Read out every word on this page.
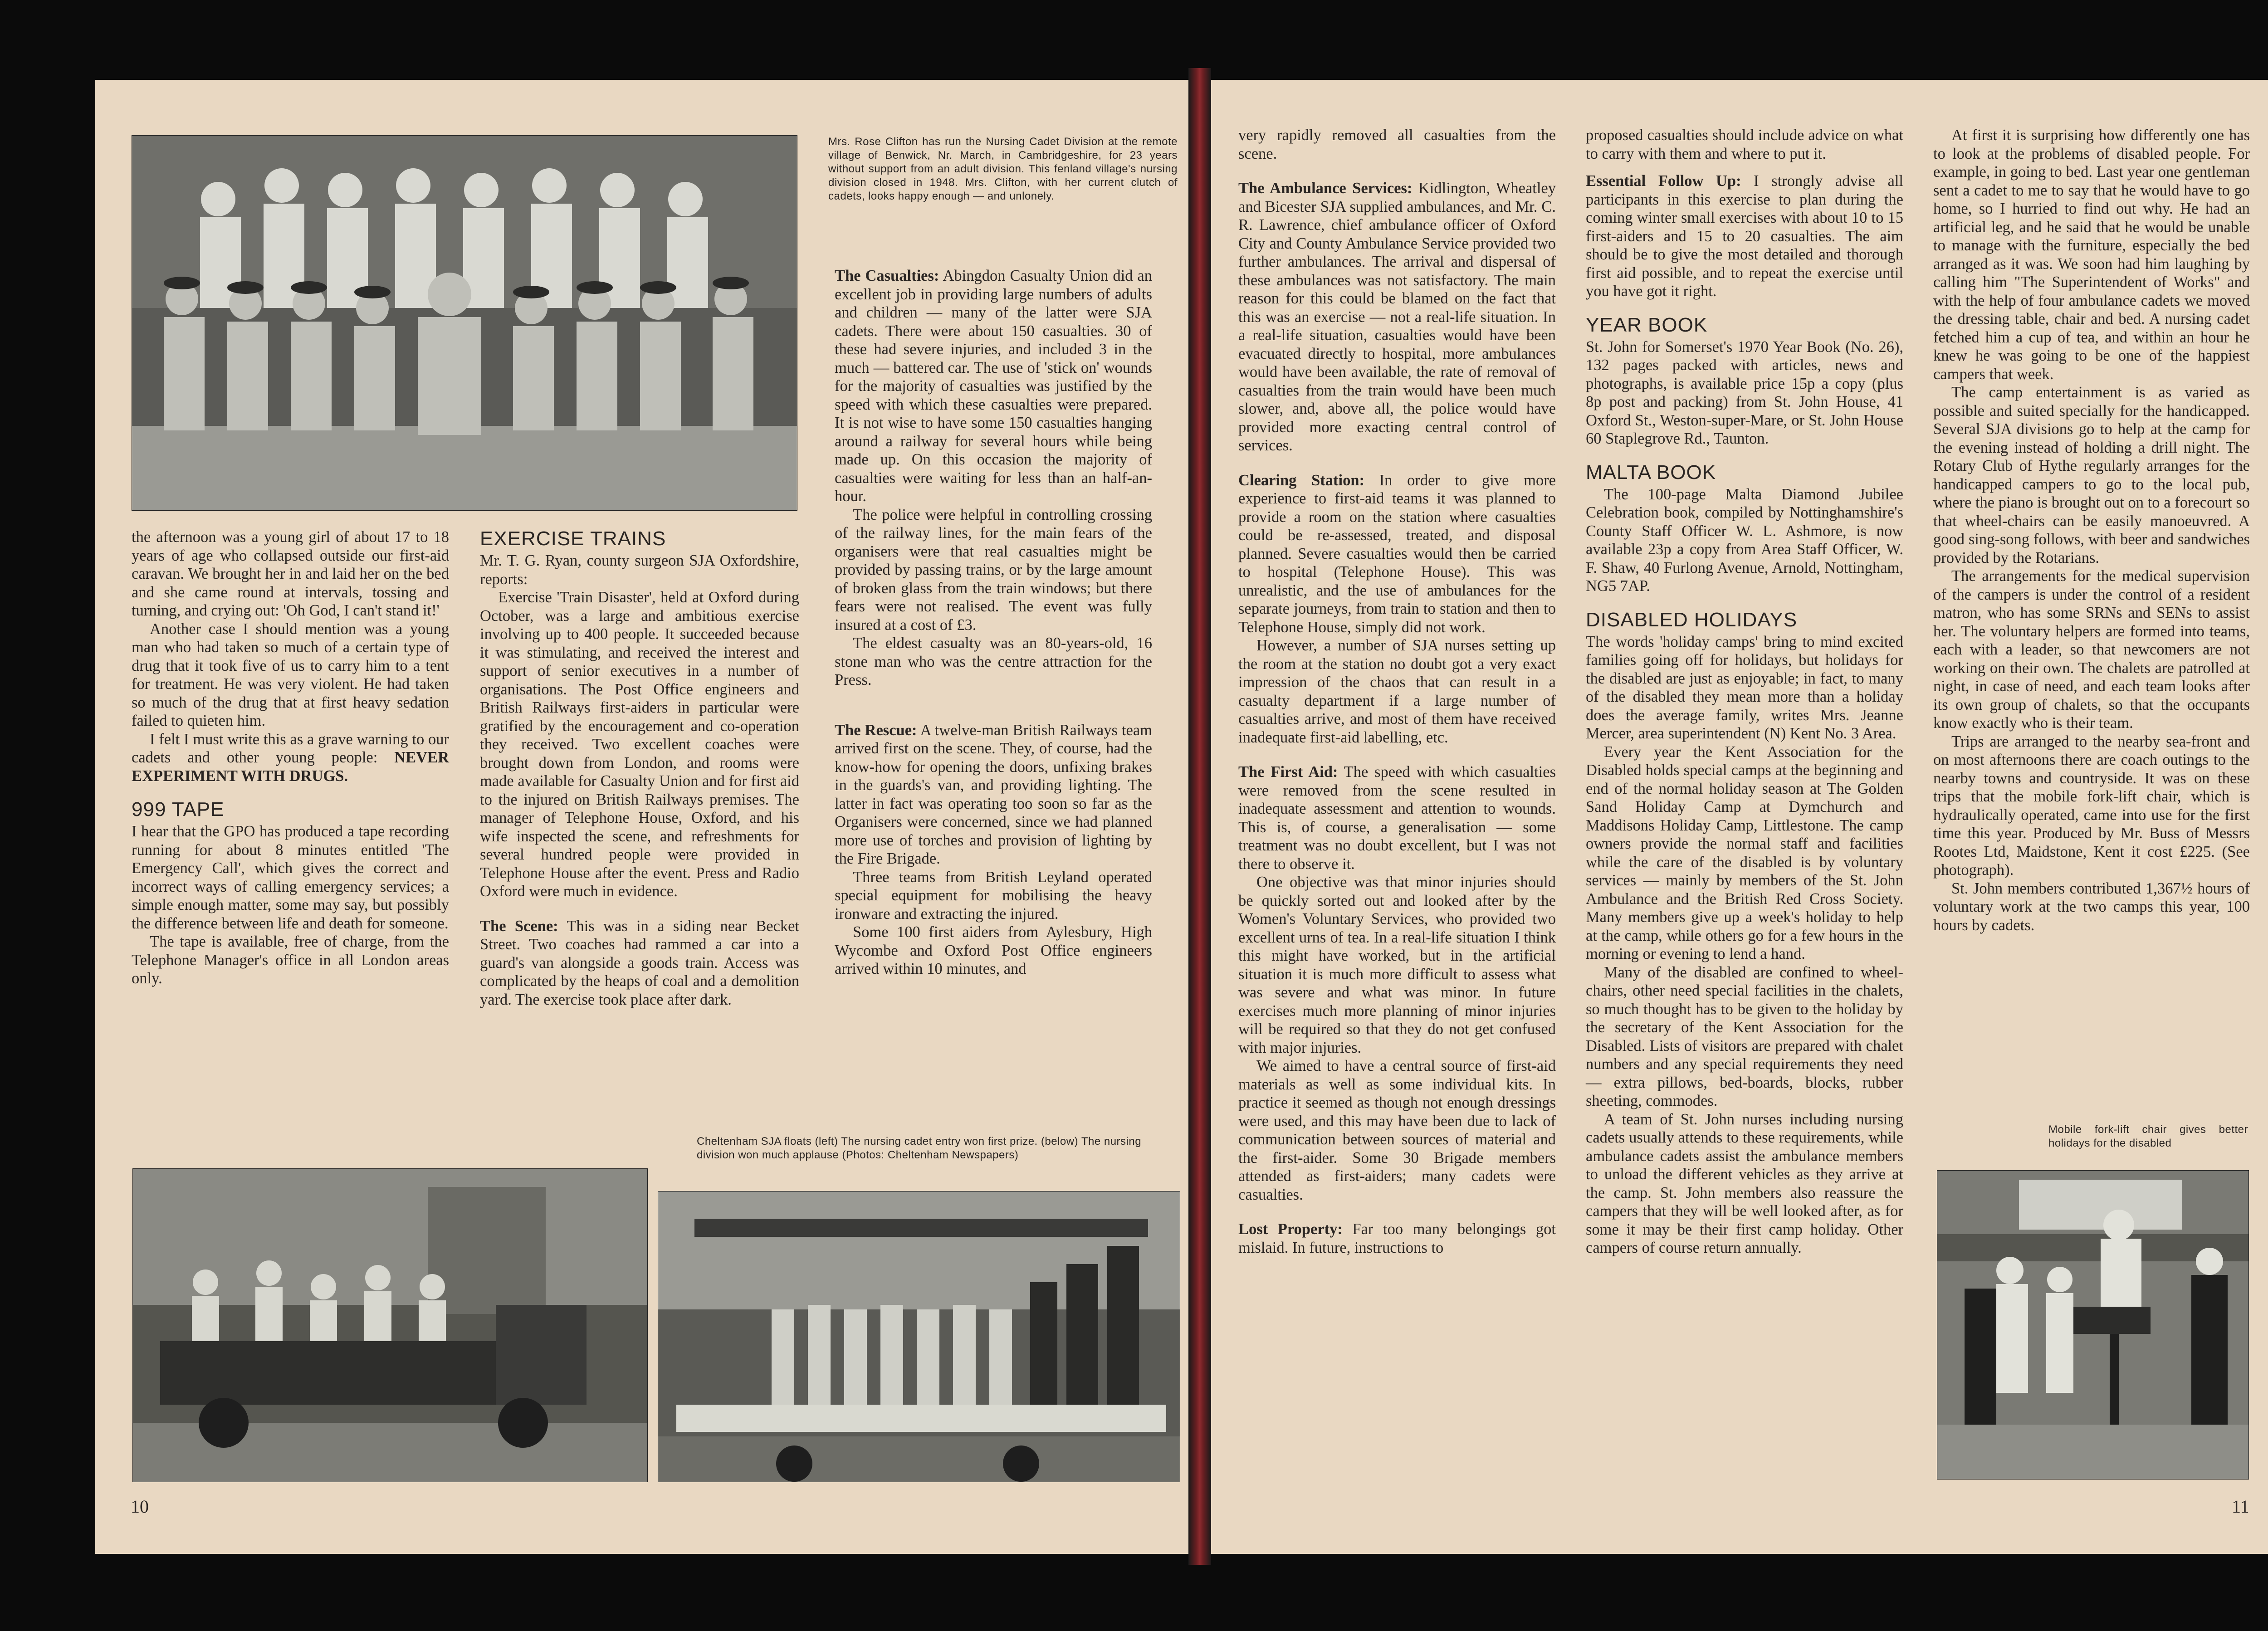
Mrs. Rose Clifton has run the Nursing Cadet Division at the remote village of Benwick, Nr. March, in Cambridgeshire, for 23 years without support from an adult division. This fenland village's nursing division closed in 1948. Mrs. Clifton, with her current clutch of cadets, looks happy enough — and unlonely.
Cheltenham SJA floats (left) The nursing cadet entry won first prize. (below) The nursing division won much applause (Photos: Cheltenham Newspapers)

the afternoon was a young girl of about 17 to 18 years of age who collapsed outside our first-aid caravan. We brought her in and laid her on the bed and she came round at intervals, tossing and turning, and crying out: 'Oh God, I can't stand it!'

Another case I should mention was a young man who had taken so much of a certain type of drug that it took five of us to carry him to a tent for treatment. He was very violent. He had taken so much of the drug that at first heavy sedation failed to quieten him.

I felt I must write this as a grave warning to our cadets and other young people: NEVER EXPERIMENT WITH DRUGS.

999 TAPE

I hear that the GPO has produced a tape recording running for about 8 minutes entitled 'The Emergency Call', which gives the correct and incorrect ways of calling emergency services; a simple enough matter, some may say, but possibly the difference between life and death for someone.

The tape is available, free of charge, from the Telephone Manager's office in all London areas only.

EXERCISE TRAINS

Mr. T. G. Ryan, county surgeon SJA Oxfordshire, reports:

Exercise 'Train Disaster', held at Oxford during October, was a large and ambitious exercise involving up to 400 people. It succeeded because it was stimulating, and received the interest and support of senior executives in a number of organisations. The Post Office engineers and British Railways first-aiders in particular were gratified by the encouragement and co-operation they received. Two excellent coaches were brought down from London, and rooms were made available for Casualty Union and for first aid to the injured on British Railways premises. The manager of Telephone House, Oxford, and his wife inspected the scene, and refreshments for several hundred people were provided in Telephone House after the event. Press and Radio Oxford were much in evidence.

The Scene: This was in a siding near Becket Street. Two coaches had rammed a car into a guard's van alongside a goods train. Access was complicated by the heaps of coal and a demolition yard. The exercise took place after dark.

The Casualties: Abingdon Casualty Union did an excellent job in providing large numbers of adults and children — many of the latter were SJA cadets. There were about 150 casualties. 30 of these had severe injuries, and included 3 in the much — battered car. The use of 'stick on' wounds for the majority of casualties was justified by the speed with which these casualties were prepared. It is not wise to have some 150 casualties hanging around a railway for several hours while being made up. On this occasion the majority of casualties were waiting for less than an half-an-hour.

The police were helpful in controlling crossing of the railway lines, for the main fears of the organisers were that real casualties might be provided by passing trains, or by the large amount of broken glass from the train windows; but there fears were not realised. The event was fully insured at a cost of £3.

The eldest casualty was an 80-years-old, 16 stone man who was the centre attraction for the Press.

The Rescue: A twelve-man British Railways team arrived first on the scene. They, of course, had the know-how for opening the doors, unfixing brakes in the guards's van, and providing lighting. The latter in fact was operating too soon so far as the Organisers were concerned, since we had planned more use of torches and provision of lighting by the Fire Brigade.

Three teams from British Leyland operated special equipment for mobilising the heavy ironware and extracting the injured.

Some 100 first aiders from Aylesbury, High Wycombe and Oxford Post Office engineers arrived within 10 minutes, and

10

very rapidly removed all casualties from the scene.

The Ambulance Services: Kidlington, Wheatley and Bicester SJA supplied ambulances, and Mr. C. R. Lawrence, chief ambulance officer of Oxford City and County Ambulance Service provided two further ambulances. The arrival and dispersal of these ambulances was not satisfactory. The main reason for this could be blamed on the fact that this was an exercise — not a real-life situation. In a real-life situation, casualties would have been evacuated directly to hospital, more ambulances would have been available, the rate of removal of casualties from the train would have been much slower, and, above all, the police would have provided more exacting central control of services.

Clearing Station: In order to give more experience to first-aid teams it was planned to provide a room on the station where casualties could be re-assessed, treated, and disposal planned. Severe casualties would then be carried to hospital (Telephone House). This was unrealistic, and the use of ambulances for the separate journeys, from train to station and then to Telephone House, simply did not work.

However, a number of SJA nurses setting up the room at the station no doubt got a very exact impression of the chaos that can result in a casualty department if a large number of casualties arrive, and most of them have received inadequate first-aid labelling, etc.

The First Aid: The speed with which casualties were removed from the scene resulted in inadequate assessment and attention to wounds. This is, of course, a generalisation — some treatment was no doubt excellent, but I was not there to observe it.

One objective was that minor injuries should be quickly sorted out and looked after by the Women's Voluntary Services, who provided two excellent urns of tea. In a real-life situation I think this might have worked, but in the artificial situation it is much more difficult to assess what was severe and what was minor. In future exercises much more planning of minor injuries will be required so that they do not get confused with major injuries.

We aimed to have a central source of first-aid materials as well as some individual kits. In practice it seemed as though not enough dressings were used, and this may have been due to lack of communication between sources of material and the first-aider. Some 30 Brigade members attended as first-aiders; many cadets were casualties.

Lost Property: Far too many belongings got mislaid. In future, instructions to

proposed casualties should include advice on what to carry with them and where to put it.

Essential Follow Up: I strongly advise all participants in this exercise to plan during the coming winter small exercises with about 10 to 15 first-aiders and 15 to 20 casualties. The aim should be to give the most detailed and thorough first aid possible, and to repeat the exercise until you have got it right.

YEAR BOOK

St. John for Somerset's 1970 Year Book (No. 26), 132 pages packed with articles, news and photographs, is available price 15p a copy (plus 8p post and packing) from St. John House, 41 Oxford St., Weston-super-Mare, or St. John House 60 Staplegrove Rd., Taunton.

MALTA BOOK

The 100-page Malta Diamond Jubilee Celebration book, compiled by Nottinghamshire's County Staff Officer W. L. Ashmore, is now available 23p a copy from Area Staff Officer, W. F. Shaw, 40 Furlong Avenue, Arnold, Nottingham, NG5 7AP.

DISABLED HOLIDAYS

The words 'holiday camps' bring to mind excited families going off for holidays, but holidays for the disabled are just as enjoyable; in fact, to many of the disabled they mean more than a holiday does the average family, writes Mrs. Jeanne Mercer, area superintendent (N) Kent No. 3 Area.

Every year the Kent Association for the Disabled holds special camps at the beginning and end of the normal holiday season at The Golden Sand Holiday Camp at Dymchurch and Maddisons Holiday Camp, Littlestone. The camp owners provide the normal staff and facilities while the care of the disabled is by voluntary services — mainly by members of the St. John Ambulance and the British Red Cross Society. Many members give up a week's holiday to help at the camp, while others go for a few hours in the morning or evening to lend a hand.

Many of the disabled are confined to wheel-chairs, other need special facilities in the chalets, so much thought has to be given to the holiday by the secretary of the Kent Association for the Disabled. Lists of visitors are prepared with chalet numbers and any special requirements they need — extra pillows, bed-boards, blocks, rubber sheeting, commodes.

A team of St. John nurses including nursing cadets usually attends to these requirements, while ambulance cadets assist the ambulance members to unload the different vehicles as they arrive at the camp. St. John members also reassure the campers that they will be well looked after, as for some it may be their first camp holiday. Other campers of course return annually.

At first it is surprising how differently one has to look at the problems of disabled people. For example, in going to bed. Last year one gentleman sent a cadet to me to say that he would have to go home, so I hurried to find out why. He had an artificial leg, and he said that he would be unable to manage with the furniture, especially the bed arranged as it was. We soon had him laughing by calling him "The Superintendent of Works" and with the help of four ambulance cadets we moved the dressing table, chair and bed. A nursing cadet fetched him a cup of tea, and within an hour he knew he was going to be one of the happiest campers that week.

The camp entertainment is as varied as possible and suited specially for the handicapped. Several SJA divisions go to help at the camp for the evening instead of holding a drill night. The Rotary Club of Hythe regularly arranges for the handicapped campers to go to the local pub, where the piano is brought out on to a forecourt so that wheel-chairs can be easily manoeuvred. A good sing-song follows, with beer and sandwiches provided by the Rotarians.

The arrangements for the medical supervision of the campers is under the control of a resident matron, who has some SRNs and SENs to assist her. The voluntary helpers are formed into teams, each with a leader, so that newcomers are not working on their own. The chalets are patrolled at night, in case of need, and each team looks after its own group of chalets, so that the occupants know exactly who is their team.

Trips are arranged to the nearby sea-front and on most afternoons there are coach outings to the nearby towns and countryside. It was on these trips that the mobile fork-lift chair, which is hydraulically operated, came into use for the first time this year. Produced by Mr. Buss of Messrs Rootes Ltd, Maidstone, Kent it cost £225. (See photograph).

St. John members contributed 1,367½ hours of voluntary work at the two camps this year, 100 hours by cadets.

Mobile fork-lift chair gives better holidays for the disabled
11
